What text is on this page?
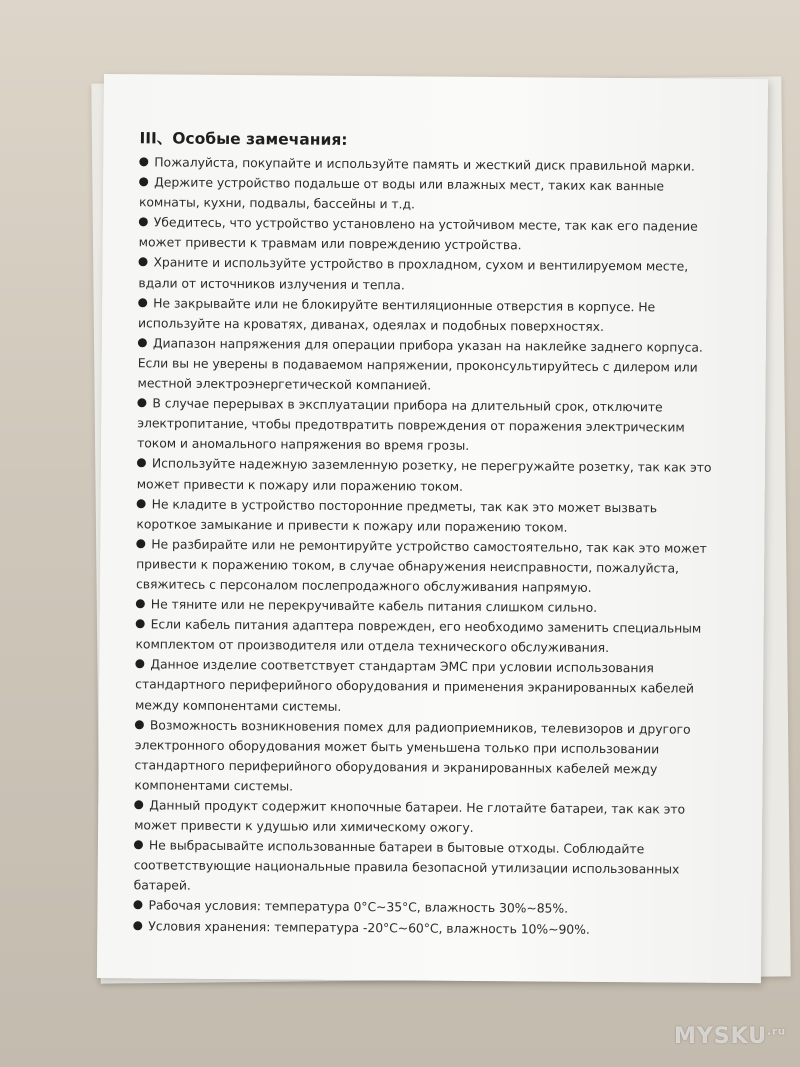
III、Особые замечания:
Пожалуйста, покупайте и используйте память и жесткий диск правильной марки.
Держите устройство подальше от воды или влажных мест, таких как ванные
комнаты, кухни, подвалы, бассейны и т.д.
Убедитесь, что устройство установлено на устойчивом месте, так как его падение
может привести к травмам или повреждению устройства.
Храните и используйте устройство в прохладном, сухом и вентилируемом месте,
вдали от источников излучения и тепла.
Не закрывайте или не блокируйте вентиляционные отверстия в корпусе. Не
используйте на кроватях, диванах, одеялах и подобных поверхностях.
Диапазон напряжения для операции прибора указан на наклейке заднего корпуса.
Если вы не уверены в подаваемом напряжении, проконсультируйтесь с дилером или
местной электроэнергетической компанией.
В случае перерывах в эксплуатации прибора на длительный срок, отключите
электропитание, чтобы предотвратить повреждения от поражения электрическим
током и аномального напряжения во время грозы.
Используйте надежную заземленную розетку, не перегружайте розетку, так как это
может привести к пожару или поражению током.
Не кладите в устройство посторонние предметы, так как это может вызвать
короткое замыкание и привести к пожару или поражению током.
Не разбирайте или не ремонтируйте устройство самостоятельно, так как это может
привести к поражению током, в случае обнаружения неисправности, пожалуйста,
свяжитесь с персоналом послепродажного обслуживания напрямую.
Не тяните или не перекручивайте кабель питания слишком сильно.
Если кабель питания адаптера поврежден, его необходимо заменить специальным
комплектом от производителя или отдела технического обслуживания.
Данное изделие соответствует стандартам ЭМС при условии использования
стандартного периферийного оборудования и применения экранированных кабелей
между компонентами системы.
Возможность возникновения помех для радиоприемников, телевизоров и другого
электронного оборудования может быть уменьшена только при использовании
стандартного периферийного оборудования и экранированных кабелей между
компонентами системы.
Данный продукт содержит кнопочные батареи. Не глотайте батареи, так как это
может привести к удушью или химическому ожогу.
Не выбрасывайте использованные батареи в бытовые отходы. Соблюдайте
соответствующие национальные правила безопасной утилизации использованных
батарей.
Рабочая условия: температура 0°C~35°C, влажность 30%~85%.
Условия хранения: температура -20°C~60°C, влажность 10%~90%.
$MYSKU^{.ru}$
